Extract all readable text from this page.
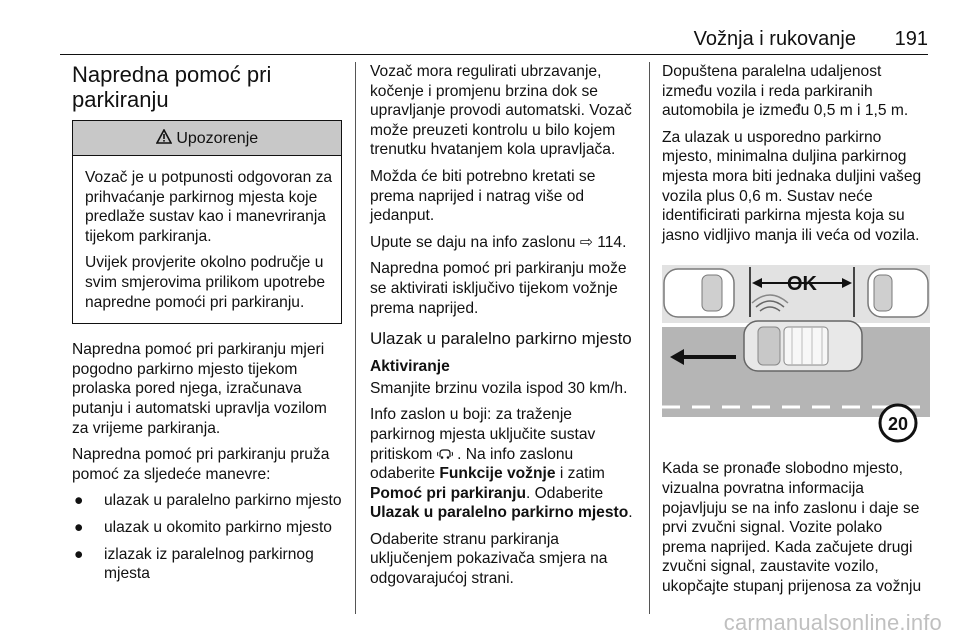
Vožnja i rukovanje 191
Napredna pomoć pri parkiranju
Upozorenje

Vozač je u potpunosti odgovoran za prihvaćanje parkirnog mjesta koje predlaže sustav kao i manevriranja tijekom parkiranja.

Uvijek provjerite okolno područje u svim smjerovima prilikom upotrebe napredne pomoći pri parkiranju.

Napredna pomoć pri parkiranju mjeri pogodno parkirno mjesto tijekom prolaska pored njega, izračunava putanju i automatski upravlja vozilom za vrijeme parkiranja.

Napredna pomoć pri parkiranju pruža pomoć za sljedeće manevre:

●	ulazak u paralelno parkirno mjesto
●	ulazak u okomito parkirno mjesto
●	izlazak iz paralelnog parkirnog mjesta

Vozač mora regulirati ubrzavanje, kočenje i promjenu brzina dok se upravljanje provodi automatski. Vozač može preuzeti kontrolu u bilo kojem trenutku hvatanjem kola upravljača.

Možda će biti potrebno kretati se prema naprijed i natrag više od jedanput.

Upute se daju na info zaslonu ⇨ 114.

Napredna pomoć pri parkiranju može se aktivirati isključivo tijekom vožnje prema naprijed.

Ulazak u paralelno parkirno mjesto
Aktiviranje

Smanjite brzinu vozila ispod 30 km/h.

Info zaslon u boji: za traženje parkirnog mjesta uključite sustav pritiskom . Na info zaslonu odaberite Funkcije vožnje i zatim Pomoć pri parkiranju. Odaberite Ulazak u paralelno parkirno mjesto.

Odaberite stranu parkiranja uključenjem pokazivača smjera na odgovarajućoj strani.

Dopuštena paralelna udaljenost između vozila i reda parkiranih automobila je između 0,5 m i 1,5 m.

Za ulazak u usporedno parkirno mjesto, minimalna duljina parkirnog mjesta mora biti jednaka duljini vašeg vozila plus 0,6 m. Sustav neće identificirati parkirna mjesta koja su jasno vidljivo manja ili veća od vozila.

OK
20

Kada se pronađe slobodno mjesto, vizualna povratna informacija pojavljuju se na info zaslonu i daje se prvi zvučni signal. Vozite polako prema naprijed. Kada začujete drugi zvučni signal, zaustavite vozilo, ukopčajte stupanj prijenosa za vožnju

carmanualsonline.info
